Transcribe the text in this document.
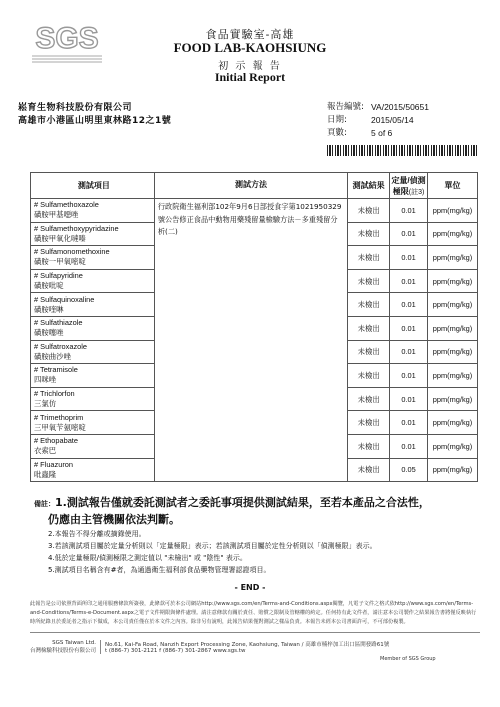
SGS	食品實驗室-高雄
FOOD LAB-KAOHSIUNG
初 示 報 告
Initial Report
崧育生物科技股份有限公司
高雄市小港區山明里東林路12之1號
報告編號: VA/2015/50651
日期:	2015/05/14
頁數:	5 of 6
測試項目	測試方法	測試結果	定量/偵測
極限(註3)	單位

# Sulfamethoxazole
磺胺甲基噁唑	行政院衛生福利部102年9月6日部授食字第1021950329號公告修正食品中動物用藥殘留量檢驗方法－多重殘留分析(二)	未檢出	0.01	ppm(mg/kg)

# Sulfamethoxypyridazine
磺胺甲氧化噠嗪		未檢出	0.01	ppm(mg/kg)

# Sulfamonomethoxine
磺胺一甲氧嘧啶		未檢出	0.01	ppm(mg/kg)

# Sulfapyridine
磺胺吡啶		未檢出	0.01	ppm(mg/kg)

# Sulfaquinoxaline
磺胺喹啉		未檢出	0.01	ppm(mg/kg)

# Sulfathiazole
磺胺噻唑		未檢出	0.01	ppm(mg/kg)

# Sulfatroxazole
磺胺曲沙唑		未檢出	0.01	ppm(mg/kg)

# Tetramisole
四咪唑		未檢出	0.01	ppm(mg/kg)

# Trichlorfon
三氯仿		未檢出	0.01	ppm(mg/kg)

# Trimethoprim
三甲氧苄氨嘧啶		未檢出	0.01	ppm(mg/kg)

# Ethopabate
衣索巴		未檢出	0.01	ppm(mg/kg)

# Fluazuron
吡蟲隆		未檢出	0.05	ppm(mg/kg)
備註：1.測試報告僅就委託測試者之委託事項提供測試結果，至若本產品之合法性，
仍應由主管機關依法判斷。
2.本報告不得分離或摘錄使用。
3.若該測試項目屬於定量分析則以「定量極限」表示；若該測試項目屬於定性分析則以「偵測極限」表示。
4.低於定量極限/偵測極限之測定值以 "未檢出" 或 "陰性" 表示。
5.測試項目名稱含有#者，為通過衛生福利部食品藥物管理署認證項目。
- END -
此報告是公司依照背面所印之通用服務條款所簽發，此條款可於本公司網站http://www.sgs.com/en/Terms-and-Conditions.aspx閱覽，凡電子文件之格式依http://www.sgs.com/en/Terms-and-Conditions/Terms-e-Document.aspx之電子文件期限與條件處理。請注意條款有關於責任、賠償之限制及管轄權的約定。任何持有此文件者，請注意本公司製作之結果報告書將僅反映執行時所紀錄且於委託者之指示下做成，本公司責任僅在於本文件之內容。除非另有說明，此報告結果僅對測試之樣品負責。本報告未經本公司書面許可，不可部份複製。
SGS Taiwan Ltd.
台灣檢驗科技股份有限公司
No.61, Kai-Fa Road, Nanzih Export Processing Zone, Kaohsiung, Taiwan / 高雄市楠梓加工出口區開發路61號
t (886-7) 301-2121 f (886-7) 301-2867 www.sgs.tw
Member of SGS Group
